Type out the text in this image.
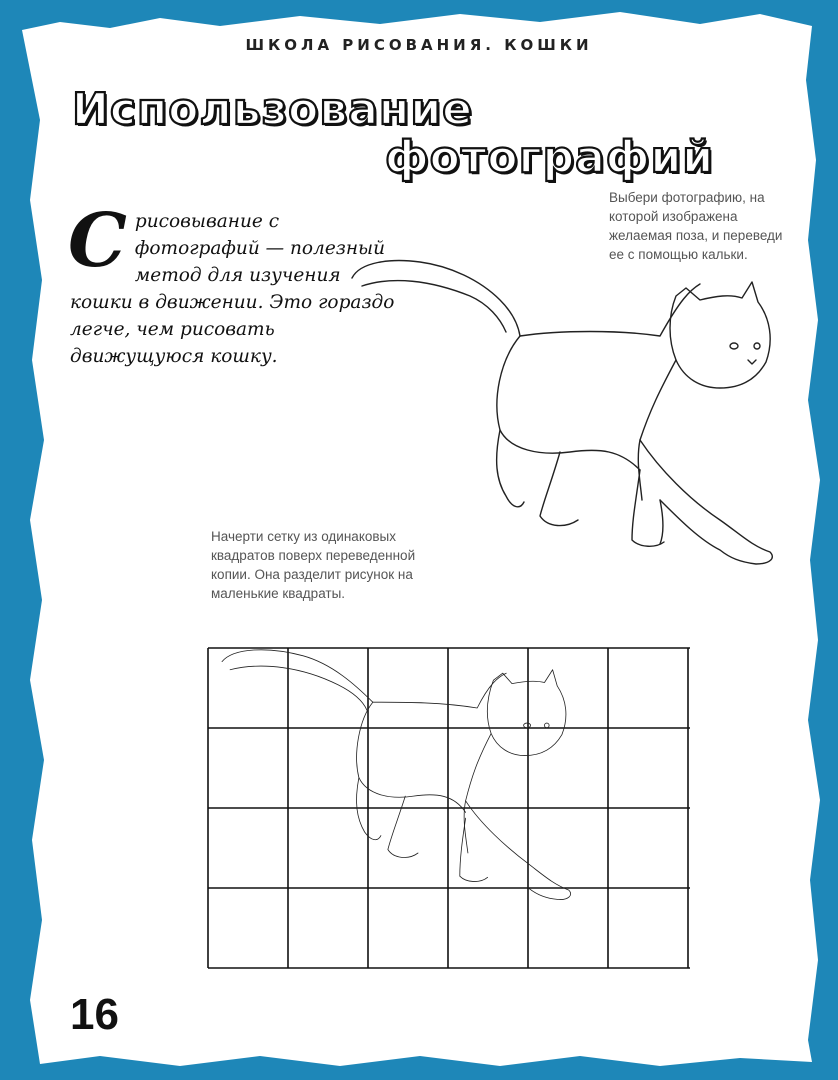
ШКОЛА РИСОВАНИЯ. КОШКИ
Использование
фотографий
Срисовывание с фотографий — полезный метод для изучения кошки в движении. Это гораздо легче, чем рисовать движущуюся кошку.
Выбери фотографию, на которой изображена желаемая поза, и переведи ее с помощью кальки.
Начерти сетку из одинаковых квадратов поверх переведенной копии. Она разделит рисунок на маленькие квадраты.
16
